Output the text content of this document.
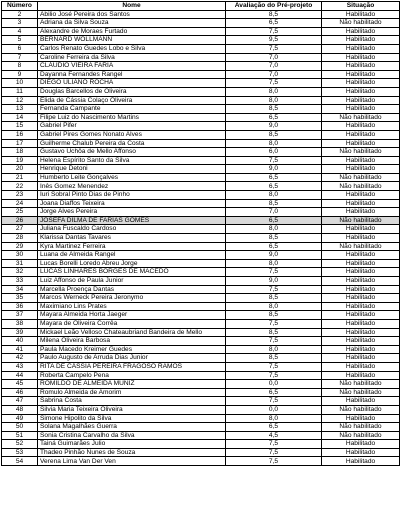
Número	Nome	Avaliação do Pré-projeto	Situação
2	Abilio José Pereira dos Santos	8,5	Habilitado
3	Adriana da Silva Souza	6,5	Não habilitado
4	Alexandre de Moraes Furtado	7,5	Habilitado
5	BERNARD WOLLMANN	9,5	Habilitado
6	Carlos Renato Guedes Lobo e Silva	7,5	Habilitado
7	Caroline Ferreira da Silva	7,0	Habilitado
8	CLÁUDIO VIEIRA FARIA	7,0	Habilitado
9	Dayanna Fernandes Rangel	7,0	Habilitado
10	DIEGO ULIANO ROCHA	7,5	Habilitado
11	Douglas Barcellos de Oliveira	8,0	Habilitado
12	Elida de Cássia Colaço Oliveira	8,0	Habilitado
13	Fernanda Campante	8,5	Habilitado
14	Filipe Luiz do Nascimento Martins	6,5	Não habilitado
15	Gabriel Pifer	9,0	Habilitado
16	Gabriel Pires Gomes Nonato Alves	8,5	Habilitado
17	Guilherme Chalub Pereira da Costa	8,0	Habilitado
18	Gustavo Uchôa de Mello Affonso	6,0	Não habilitado
19	Helena Espírito Santo da Silva	7,5	Habilitado
20	Henrique Detoni	9,0	Habilitado
21	Humberto Leite Gonçalves	6,5	Não habilitado
22	Inês Gomez Menendez	6,5	Não habilitado
23	Iuri Sobral Pinto Dias de Pinho	8,0	Habilitado
24	Joana Diaffos Teixeira	8,5	Habilitado
25	Jorge Alves Pereira	7,0	Habilitado
26	JOSEFA DILMA DE FARIAS GOMES	6,5	Não habilitado
27	Juliana Fuscaldo Cardoso	8,0	Habilitado
28	Klarissa Dantas Tavares	8,5	Habilitado
29	Kyra Martinez Ferreira	6,5	Não habilitado
30	Luana de Almeida Rangel	9,0	Habilitado
31	Lucas Borelli Loredo Abreu Jorge	8,0	Habilitado
32	LUCAS LINHARES BORGES DE MACEDO	7,5	Habilitado
33	Luiz Affonso de Paula Junior	9,0	Habilitado
34	Marcella Proença Dantas	7,5	Habilitado
35	Marcos Werneck Pereira Jeronymo	8,5	Habilitado
36	Maximiano Lins Prates	8,0	Habilitado
37	Mayara Almeida Horta Jaeger	8,5	Habilitado
38	Mayara de Oliveira Corrêa	7,5	Habilitado
39	Mickael Leão Velloso Chateaubriand Bandeira de Mello	8,5	Habilitado
40	Milena Oliveira Barbosa	7,5	Habilitado
41	Paula Macedo Kreimer Guedes	8,0	Habilitado
42	Paulo Augusto de Arruda Dias Junior	8,5	Habilitado
43	RITA DE CÁSSIA PEREIRA FRAGOSO RAMOS	7,5	Habilitado
44	Roberta Campelo Pena	7,5	Habilitado
45	ROMILDO DE ALMEIDA MUNIZ	0,0	Não habilitado
46	Romulo Almeida de Amorim	6,5	Não habilitado
47	Sabrina Costa	7,5	Habilitado
48	Silvia Maria Teixeira Oliveira	0,0	Não habilitado
49	Simone Hipolito da Silva	8,0	Habilitado
50	Solana Magalhães Guerra	6,5	Não habilitado
51	Sonia Cristina Carvalho da Silva	4,5	Não habilitado
52	Tainá Guimarães Julio	7,5	Habilitado
53	Thadeo Pinhão Nunes de Souza	7,5	Habilitado
54	Verena Lima Van Der Ven	7,5	Habilitado
